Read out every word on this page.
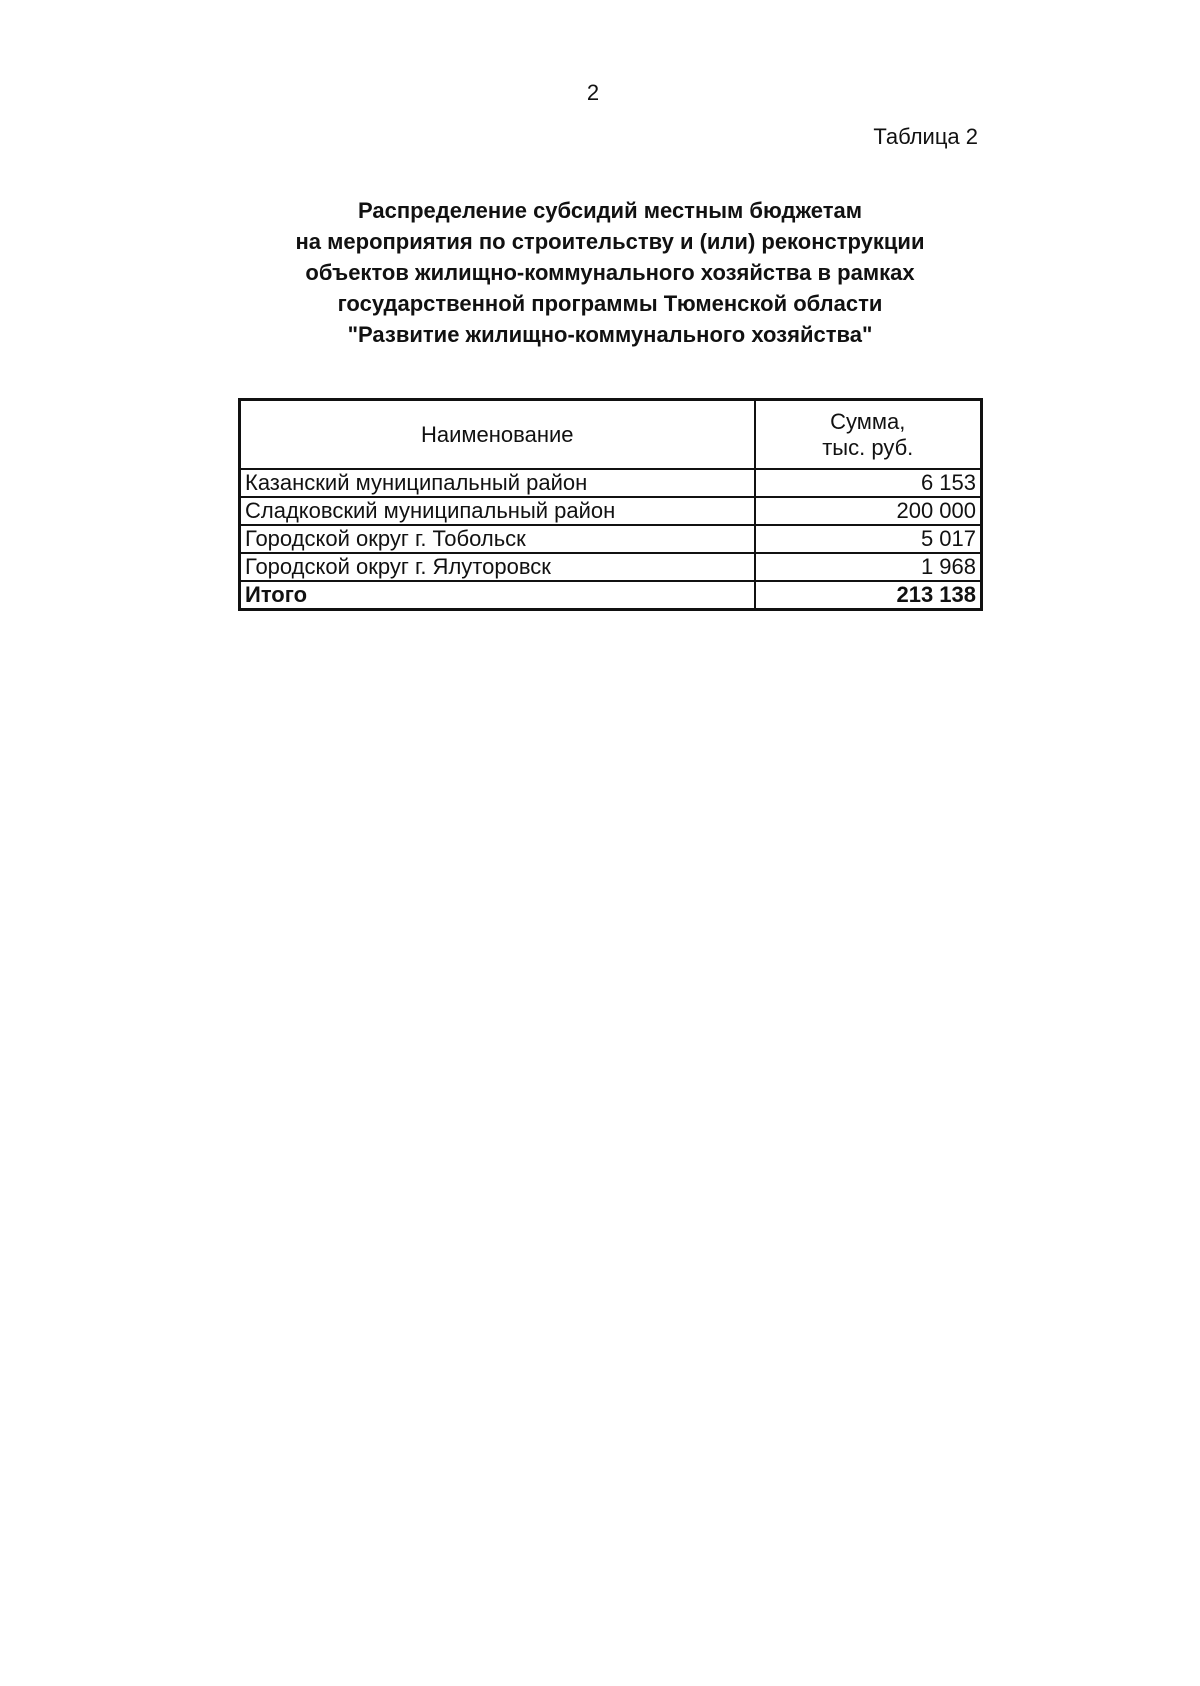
2
Таблица 2
Распределение субсидий местным бюджетам
на мероприятия по строительству и (или) реконструкции
объектов жилищно-коммунального хозяйства в рамках
государственной программы Тюменской области
"Развитие жилищно-коммунального хозяйства"
Наименование	Сумма,
тыс. руб.

Казанский муниципальный район	6 153
Сладковский муниципальный район	200 000
Городской округ г. Тобольск	5 017
Городской округ г. Ялуторовск	1 968
Итого	213 138
